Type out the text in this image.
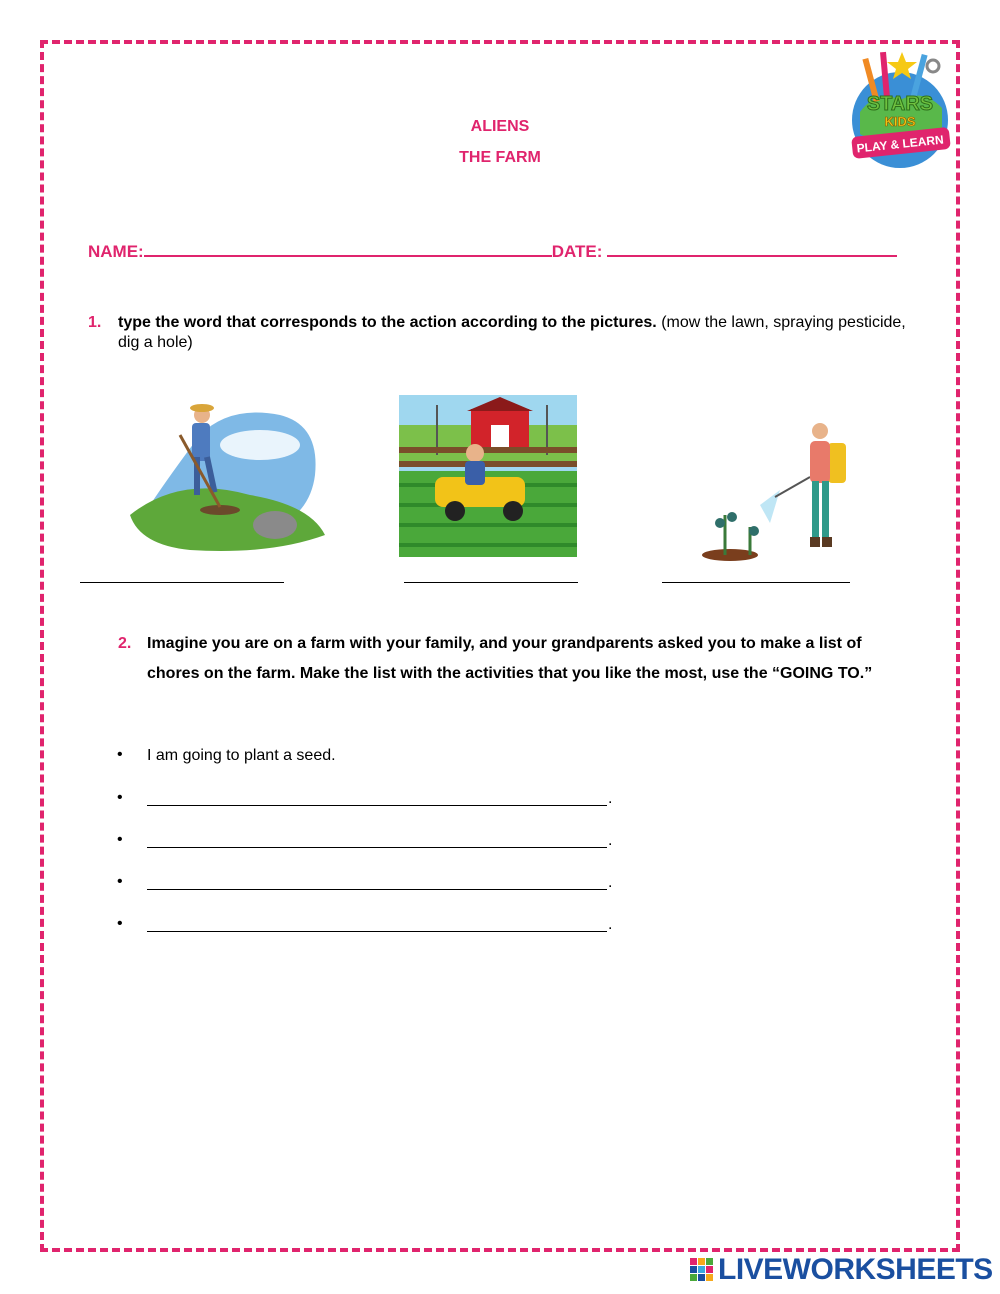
ALIENS
THE FARM
STARS
KIDS
PLAY & LEARN
NAME:	DATE:
1. type the word that corresponds to the action according to the pictures. (mow the lawn, spraying pesticide, dig a hole)
2. Imagine you are on a farm with your family, and your grandparents asked you to make a list of chores on the farm. Make the list with the activities that you like the most, use the “GOING TO.”
• I am going to plant a seed.
•	.
•	.
•	.
•	.
LIVEWORKSHEETS
